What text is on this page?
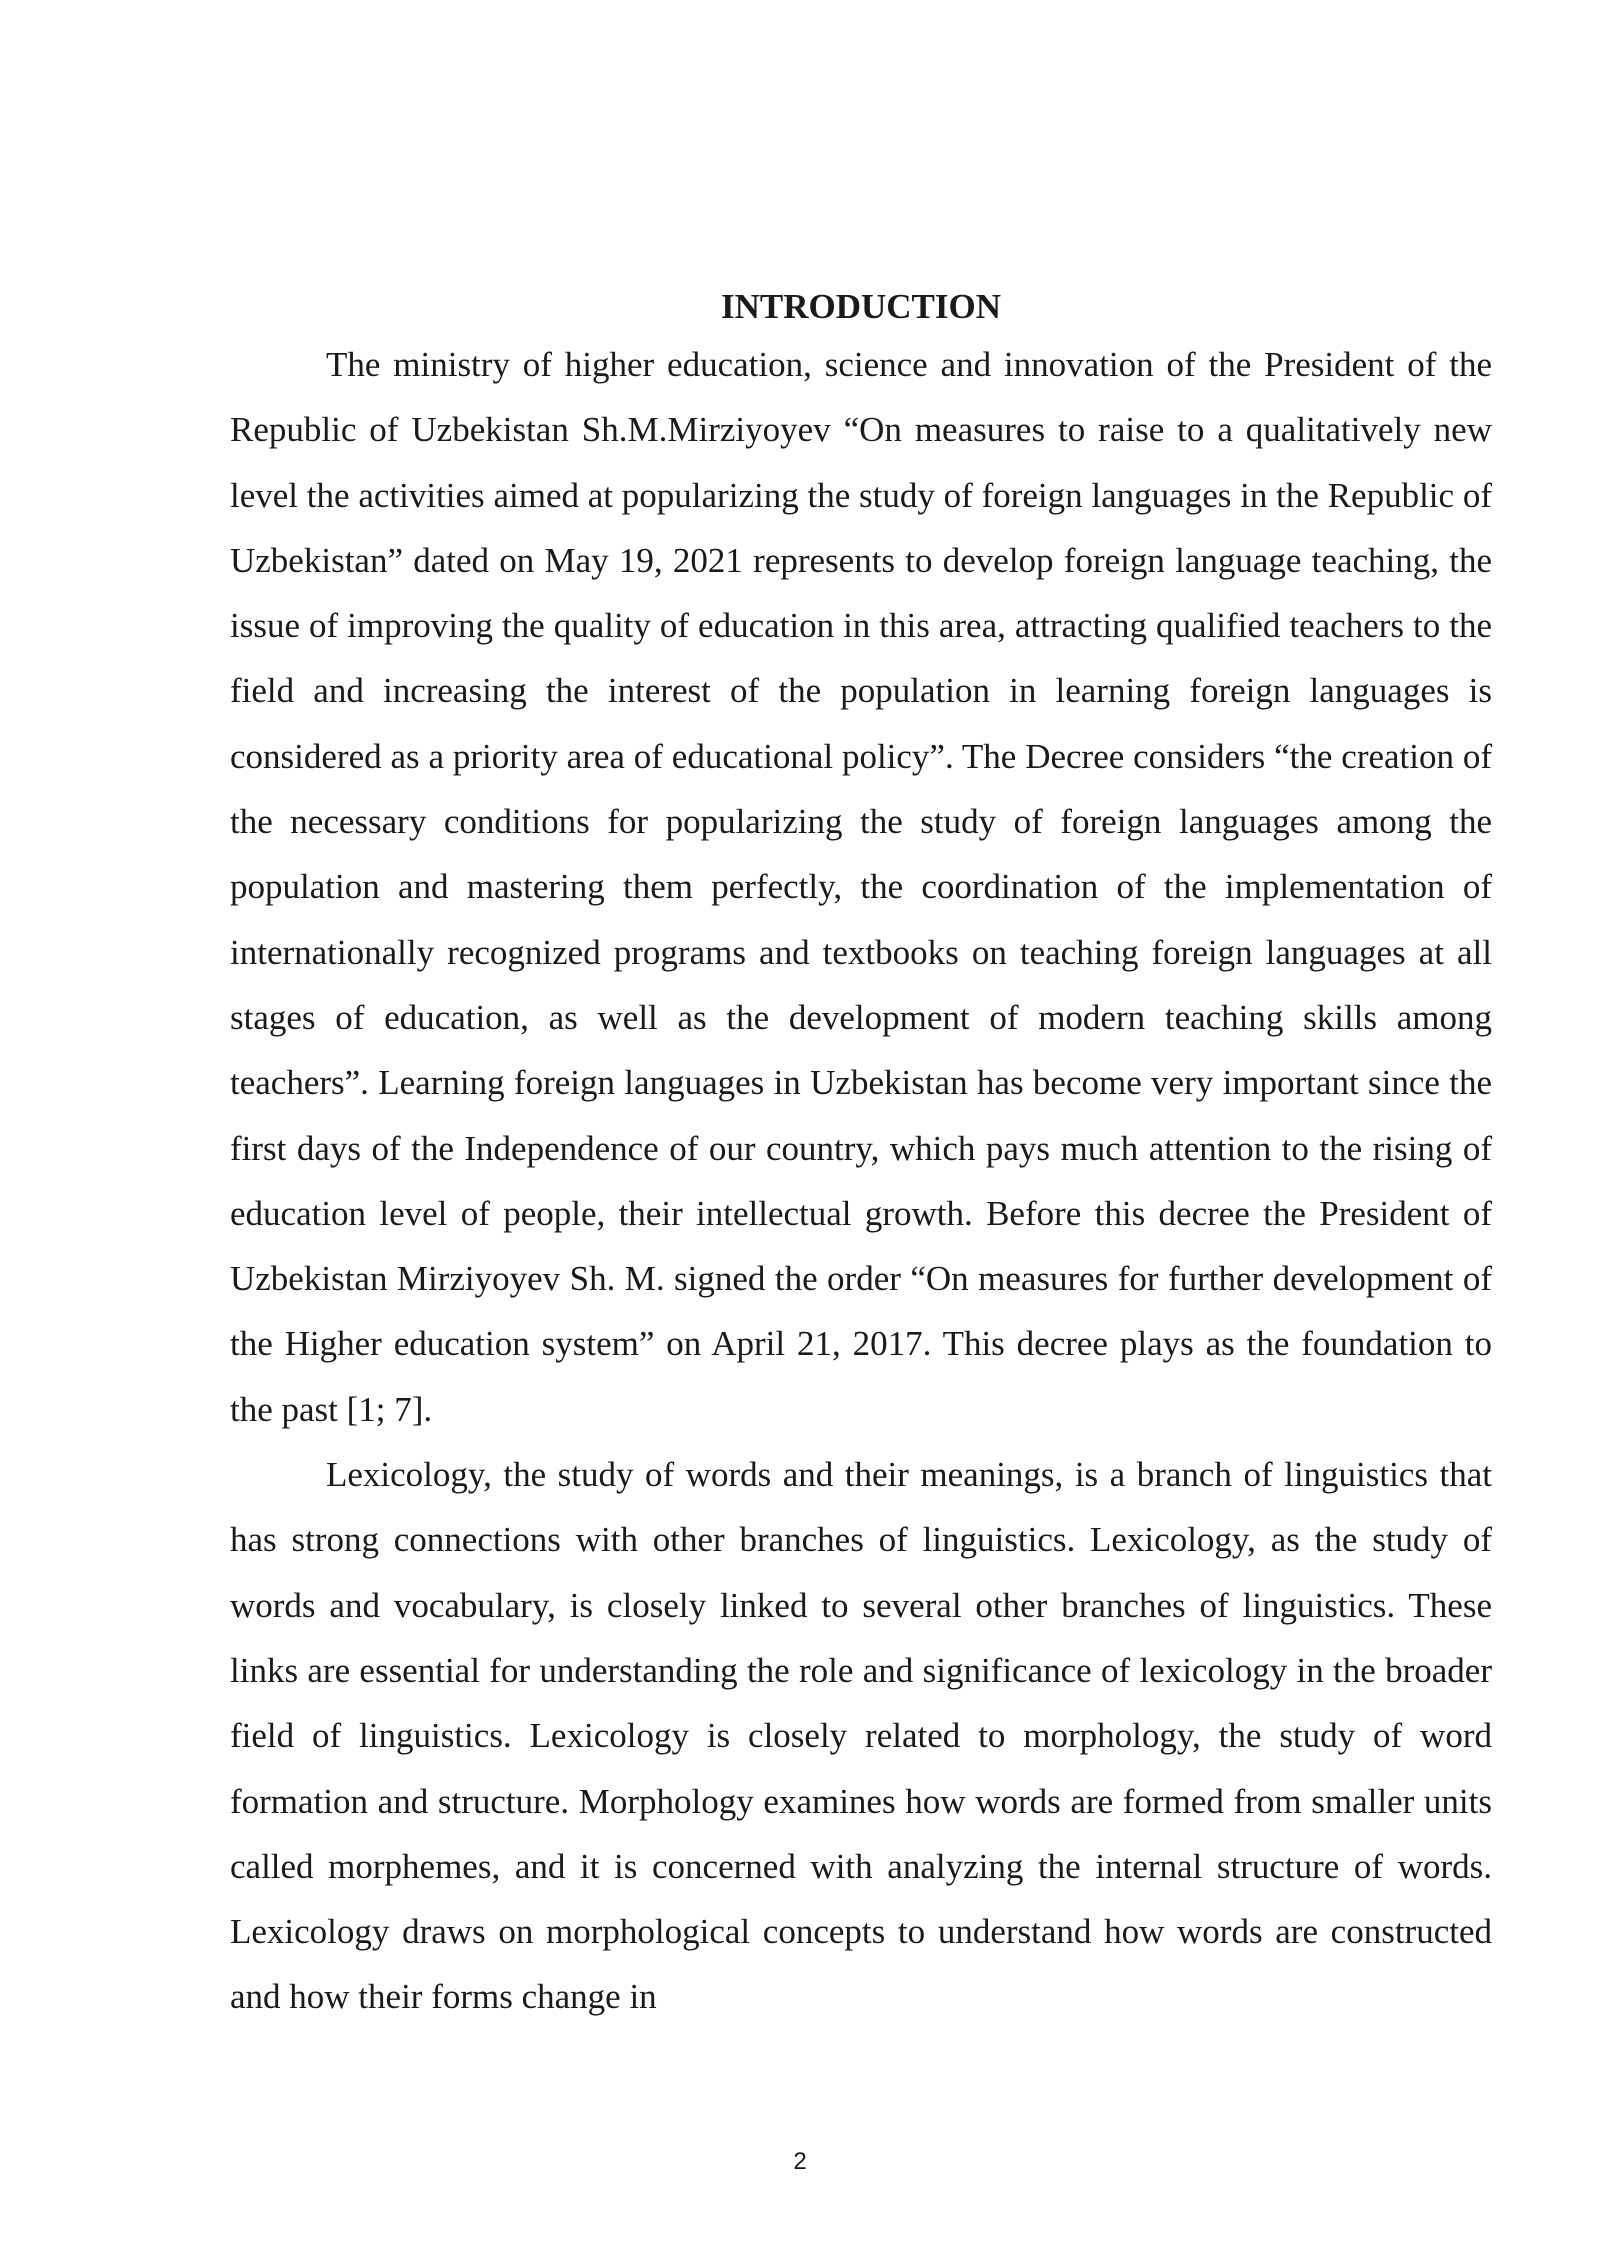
INTRODUCTION

The ministry of higher education, science and innovation of the President of the Republic of Uzbekistan Sh.M.Mirziyoyev “On measures to raise to a qualitatively new level the activities aimed at popularizing the study of foreign languages in the Republic of Uzbekistan” dated on May 19, 2021 represents to develop foreign language teaching, the issue of improving the quality of education in this area, attracting qualified teachers to the field and increasing the interest of the population in learning foreign languages is considered as a priority area of educational policy”. The Decree considers “the creation of the necessary conditions for popularizing the study of foreign languages among the population and mastering them perfectly, the coordination of the implementation of internationally recognized programs and textbooks on teaching foreign languages at all stages of education, as well as the development of modern teaching skills among teachers”. Learning foreign languages in Uzbekistan has become very important since the first days of the Independence of our country, which pays much attention to the rising of education level of people, their intellectual growth. Before this decree the President of Uzbekistan Mirziyoyev Sh. M. signed the order “On measures for further development of the Higher education system” on April 21, 2017. This decree plays as the foundation to the past [1; 7].

Lexicology, the study of words and their meanings, is a branch of linguistics that has strong connections with other branches of linguistics. Lexicology, as the study of words and vocabulary, is closely linked to several other branches of linguistics. These links are essential for understanding the role and significance of lexicology in the broader field of linguistics. Lexicology is closely related to morphology, the study of word formation and structure. Morphology examines how words are formed from smaller units called morphemes, and it is concerned with analyzing the internal structure of words. Lexicology draws on morphological concepts to understand how words are constructed and how their forms change in

2
